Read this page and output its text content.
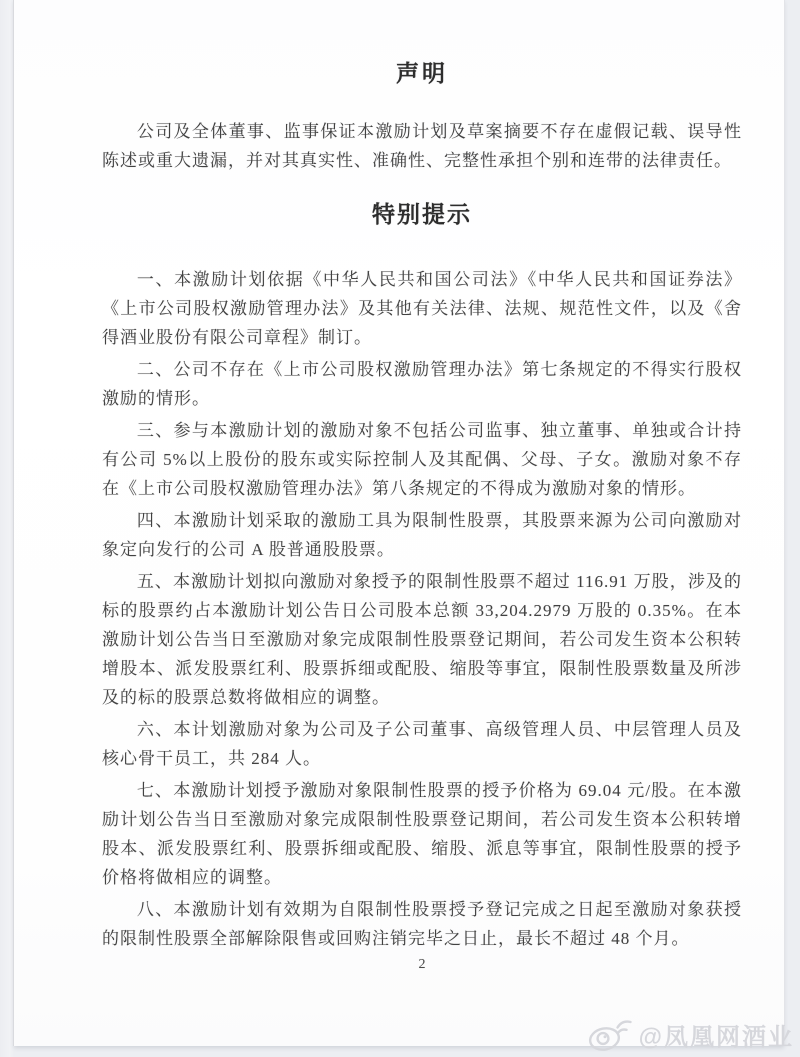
声明

公司及全体董事、监事保证本激励计划及草案摘要不存在虚假记载、误导性陈述或重大遗漏，并对其真实性、准确性、完整性承担个别和连带的法律责任。

特别提示

一、本激励计划依据《中华人民共和国公司法》《中华人民共和国证券法》《上市公司股权激励管理办法》及其他有关法律、法规、规范性文件，以及《舍得酒业股份有限公司章程》制订。

二、公司不存在《上市公司股权激励管理办法》第七条规定的不得实行股权激励的情形。

三、参与本激励计划的激励对象不包括公司监事、独立董事、单独或合计持有公司 5%以上股份的股东或实际控制人及其配偶、父母、子女。激励对象不存在《上市公司股权激励管理办法》第八条规定的不得成为激励对象的情形。

四、本激励计划采取的激励工具为限制性股票，其股票来源为公司向激励对象定向发行的公司 A 股普通股股票。

五、本激励计划拟向激励对象授予的限制性股票不超过 116.91 万股，涉及的标的股票约占本激励计划公告日公司股本总额 33,204.2979 万股的 0.35%。在本激励计划公告当日至激励对象完成限制性股票登记期间，若公司发生资本公积转增股本、派发股票红利、股票拆细或配股、缩股等事宜，限制性股票数量及所涉及的标的股票总数将做相应的调整。

六、本计划激励对象为公司及子公司董事、高级管理人员、中层管理人员及核心骨干员工，共 284 人。

七、本激励计划授予激励对象限制性股票的授予价格为 69.04 元/股。在本激励计划公告当日至激励对象完成限制性股票登记期间，若公司发生资本公积转增股本、派发股票红利、股票拆细或配股、缩股、派息等事宜，限制性股票的授予价格将做相应的调整。

八、本激励计划有效期为自限制性股票授予登记完成之日起至激励对象获授的限制性股票全部解除限售或回购注销完毕之日止，最长不超过 48 个月。

2

@凤凰网酒业
